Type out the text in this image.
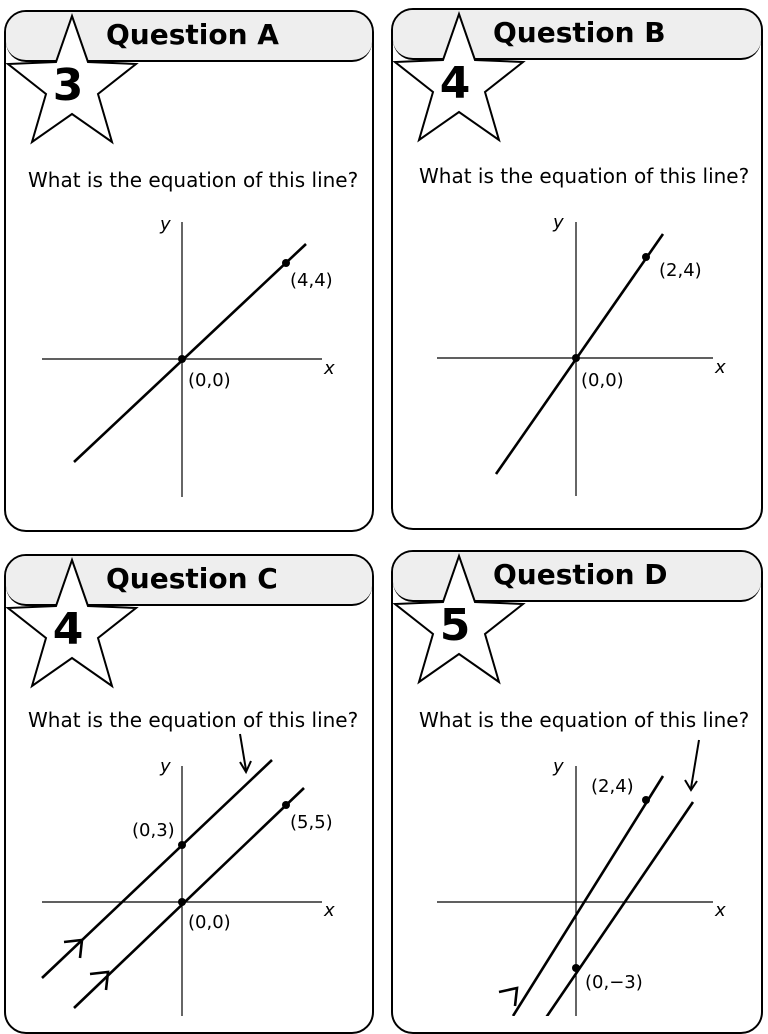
Question A
3
What is the equation of this line?
x
y
(4,4)
(0,0)
Question B
4
What is the equation of this line?
x
y
(2,4)
(0,0)
Question C
4
What is the equation of this line?
x
y
(0,3)	(5,5)
(0,0)
Question D
5
What is the equation of this line?
x
y
(2,4)
(0,−3)
